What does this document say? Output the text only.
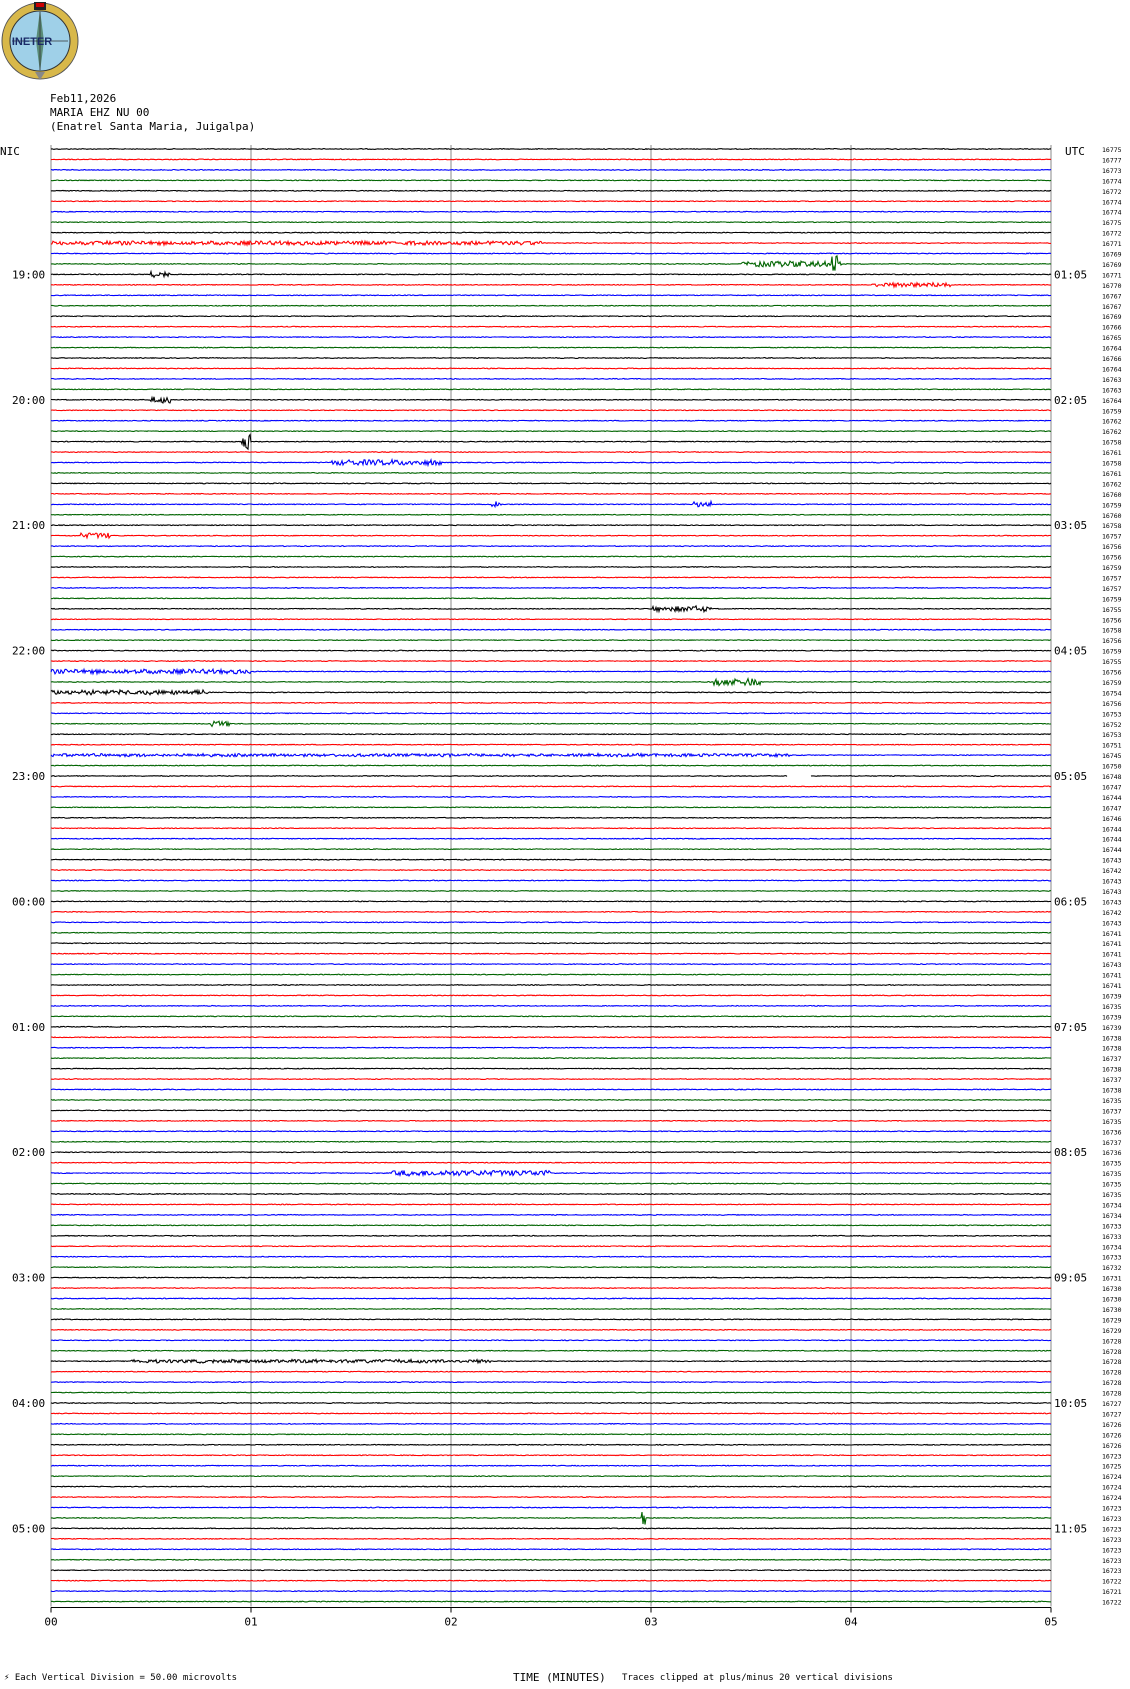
INETER
Feb11,2026
MARIA EHZ NU 00
(Enatrel Santa Maria, Juigalpa)
16775
16777
16773
16774
16772
16774
16774
16775
16772
16771
16769
16769
16771
16770
16767
16767
16769
16766
16765
16764
16766
16764
16763
16763
16764
16759
16762
16762
16758
16761
16758
16761
16762
16760
16759
16760
16758
16757
16756
16756
16759
16757
16757
16759
16755
16756
16758
16756
16759
16755
16756
16759
16754
16756
16753
16752
16753
16751
16745
16750
16748
16747
16744
16747
16746
16744
16744
16744
16743
16742
16743
16743
16743
16742
16743
16741
16741
16741
16743
16741
16741
16739
16735
16739
16739
16738
16738
16737
16738
16737
16738
16735
16737
16735
16736
16737
16736
16735
16735
16735
16735
16734
16734
16733
16733
16734
16733
16732
16731
16730
16730
16730
16729
16729
16728
16728
16728
16728
16728
16728
16727
16727
16726
16726
16726
16723
16725
16724
16724
16724
16723
16723
16723
16723
16723
16723
16723
16722
16721
16722
00	01	02	03	04	05
NIC	UTC
19:00	01:05
20:00	02:05
21:00	03:05
22:00	04:05
23:00	05:05
00:00	06:05
01:00	07:05
02:00	08:05
03:00	09:05
04:00	10:05
05:00	11:05
⚡ Each Vertical Division = 50.00 microvolts	TIME (MINUTES) Traces clipped at plus/minus 20 vertical divisions
